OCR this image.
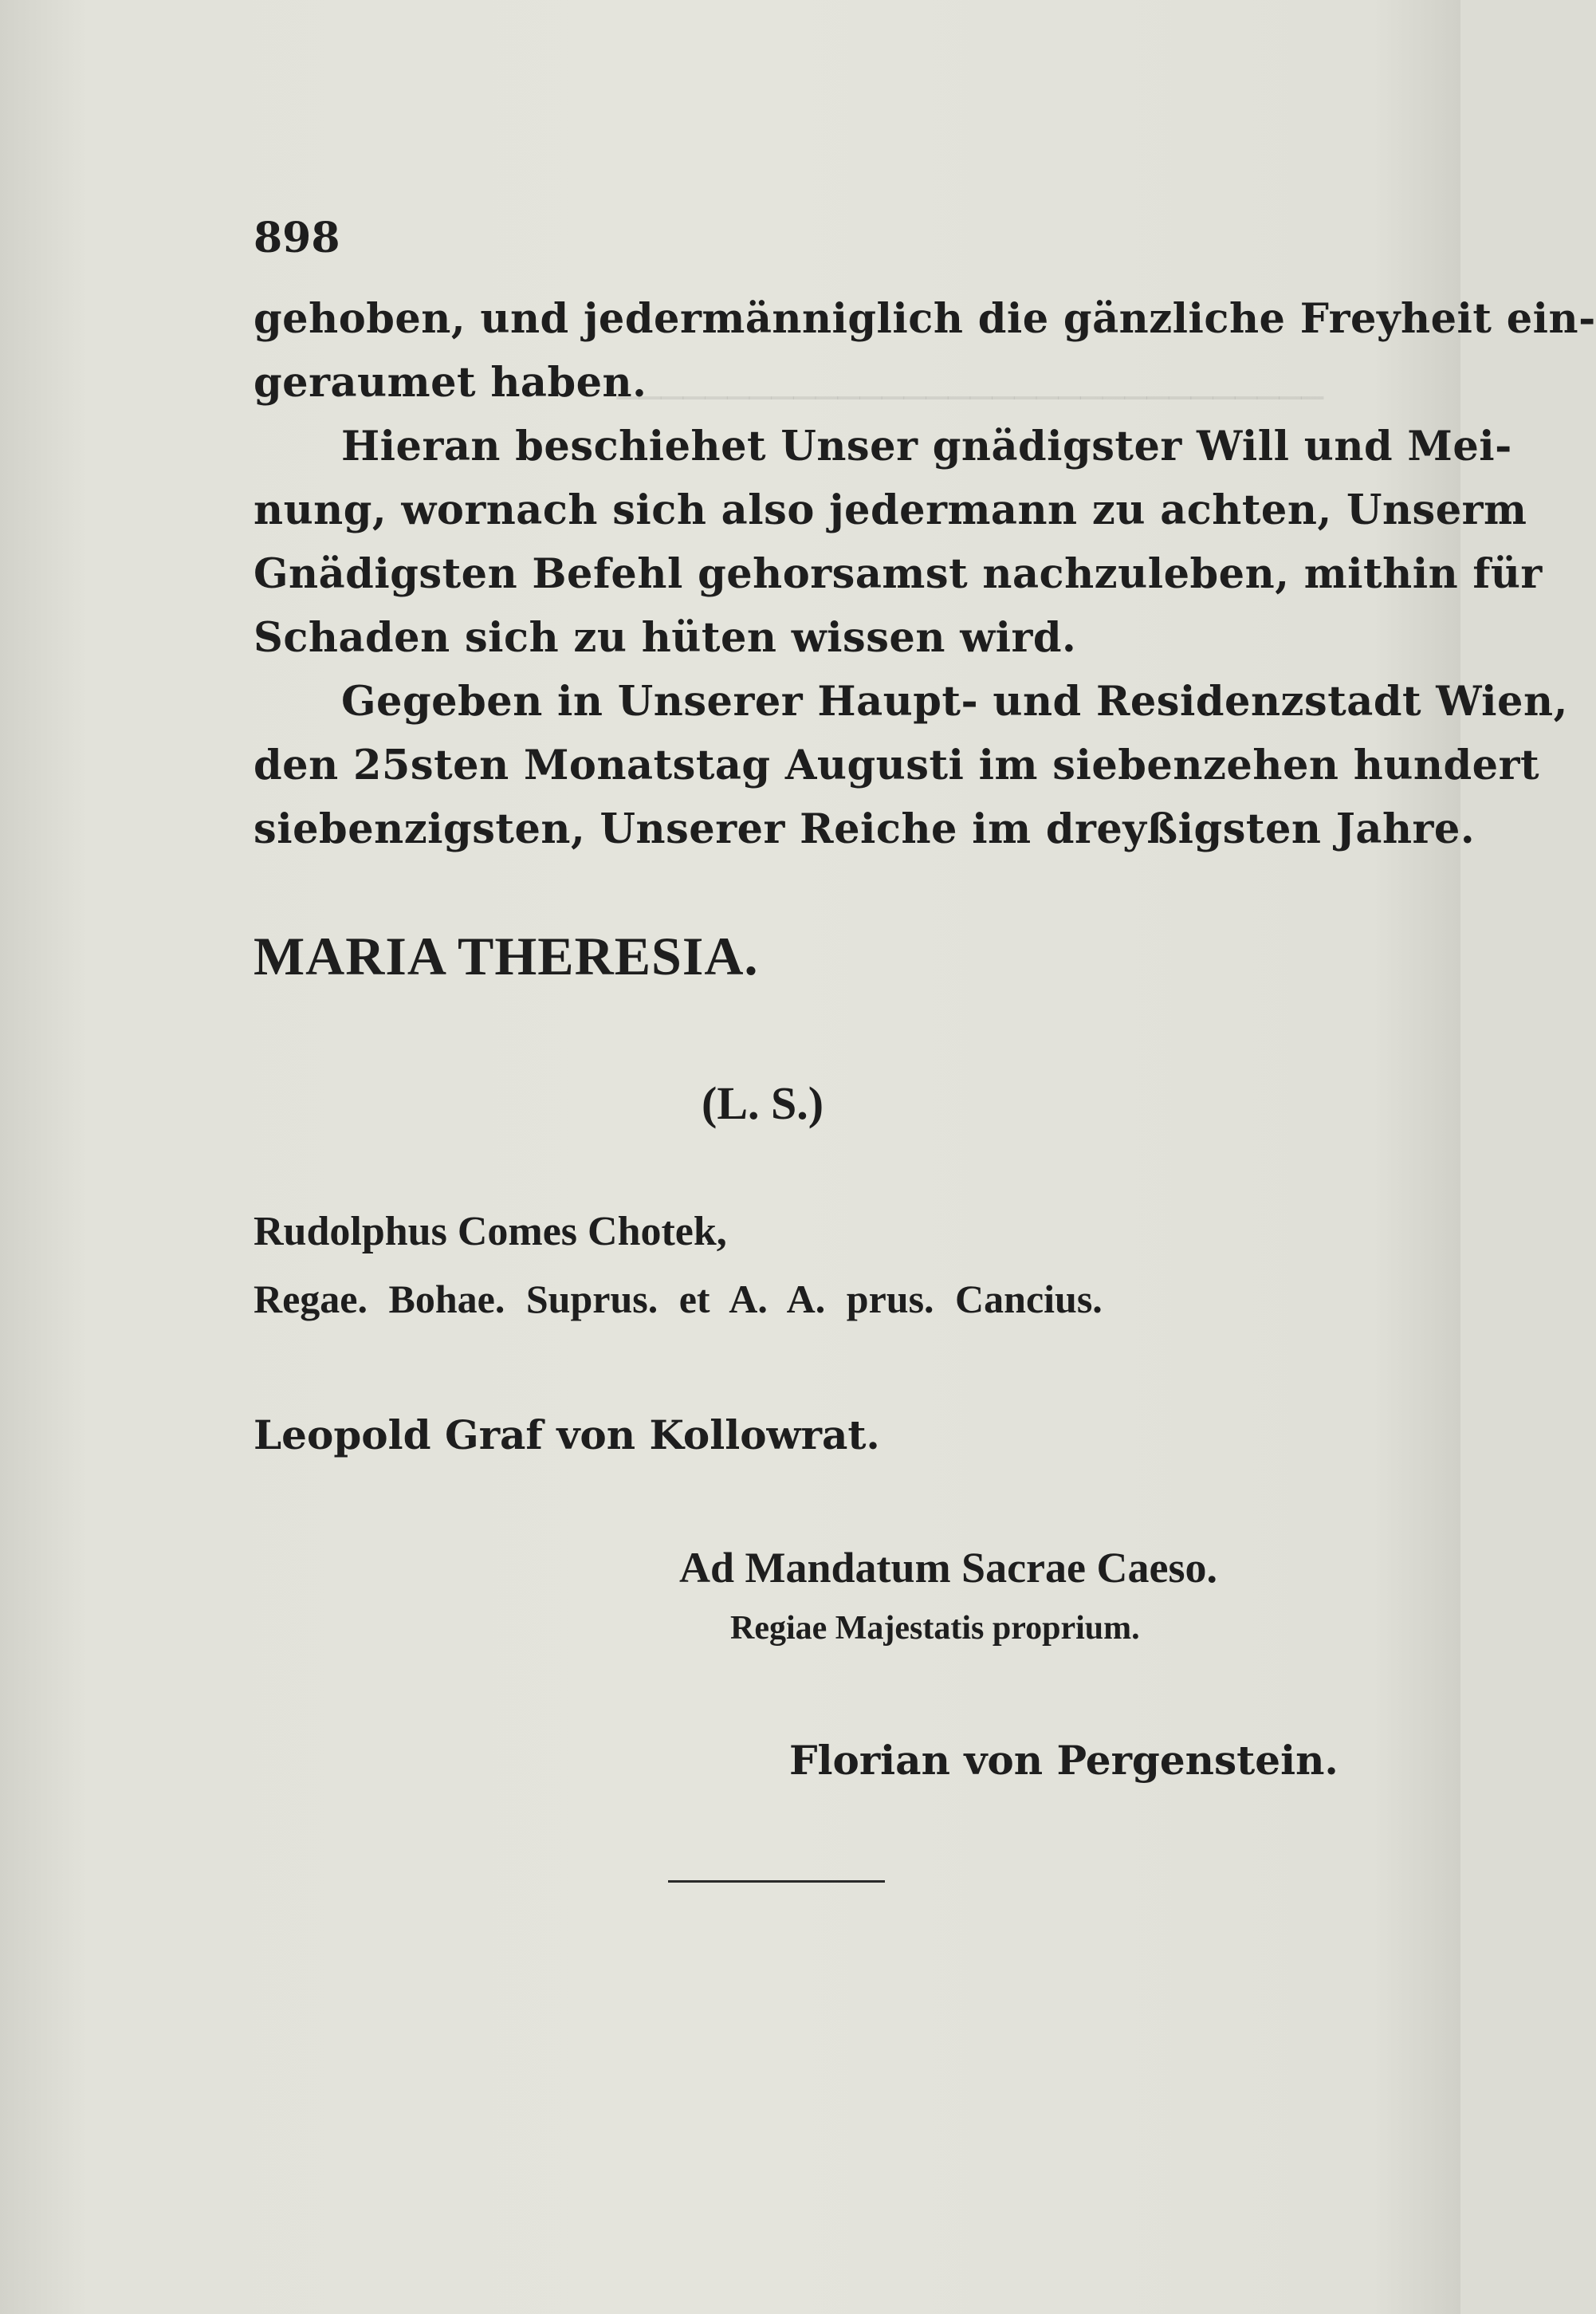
────────────────────────────────
898
gehoben, und jedermänniglich die gänzliche Freyheit ein-
geraumet haben.
Hieran beschiehet Unser gnädigster Will und Mei-
nung, wornach sich also jedermann zu achten, Unserm
Gnädigsten Befehl gehorsamst nachzuleben, mithin für
Schaden sich zu hüten wissen wird.
Gegeben in Unserer Haupt- und Residenzstadt Wien,
den 25sten Monatstag Augusti im siebenzehen hundert
siebenzigsten, Unserer Reiche im dreyßigsten Jahre.
MARIA THERESIA.
(L. S.)
Rudolphus Comes Chotek,
Regae. Bohae. Suprus. et A. A. prus. Cancius.
Leopold Graf von Kollowrat.
Ad Mandatum Sacrae Caeso.
Regiae Majestatis proprium.
Florian von Pergenstein.
